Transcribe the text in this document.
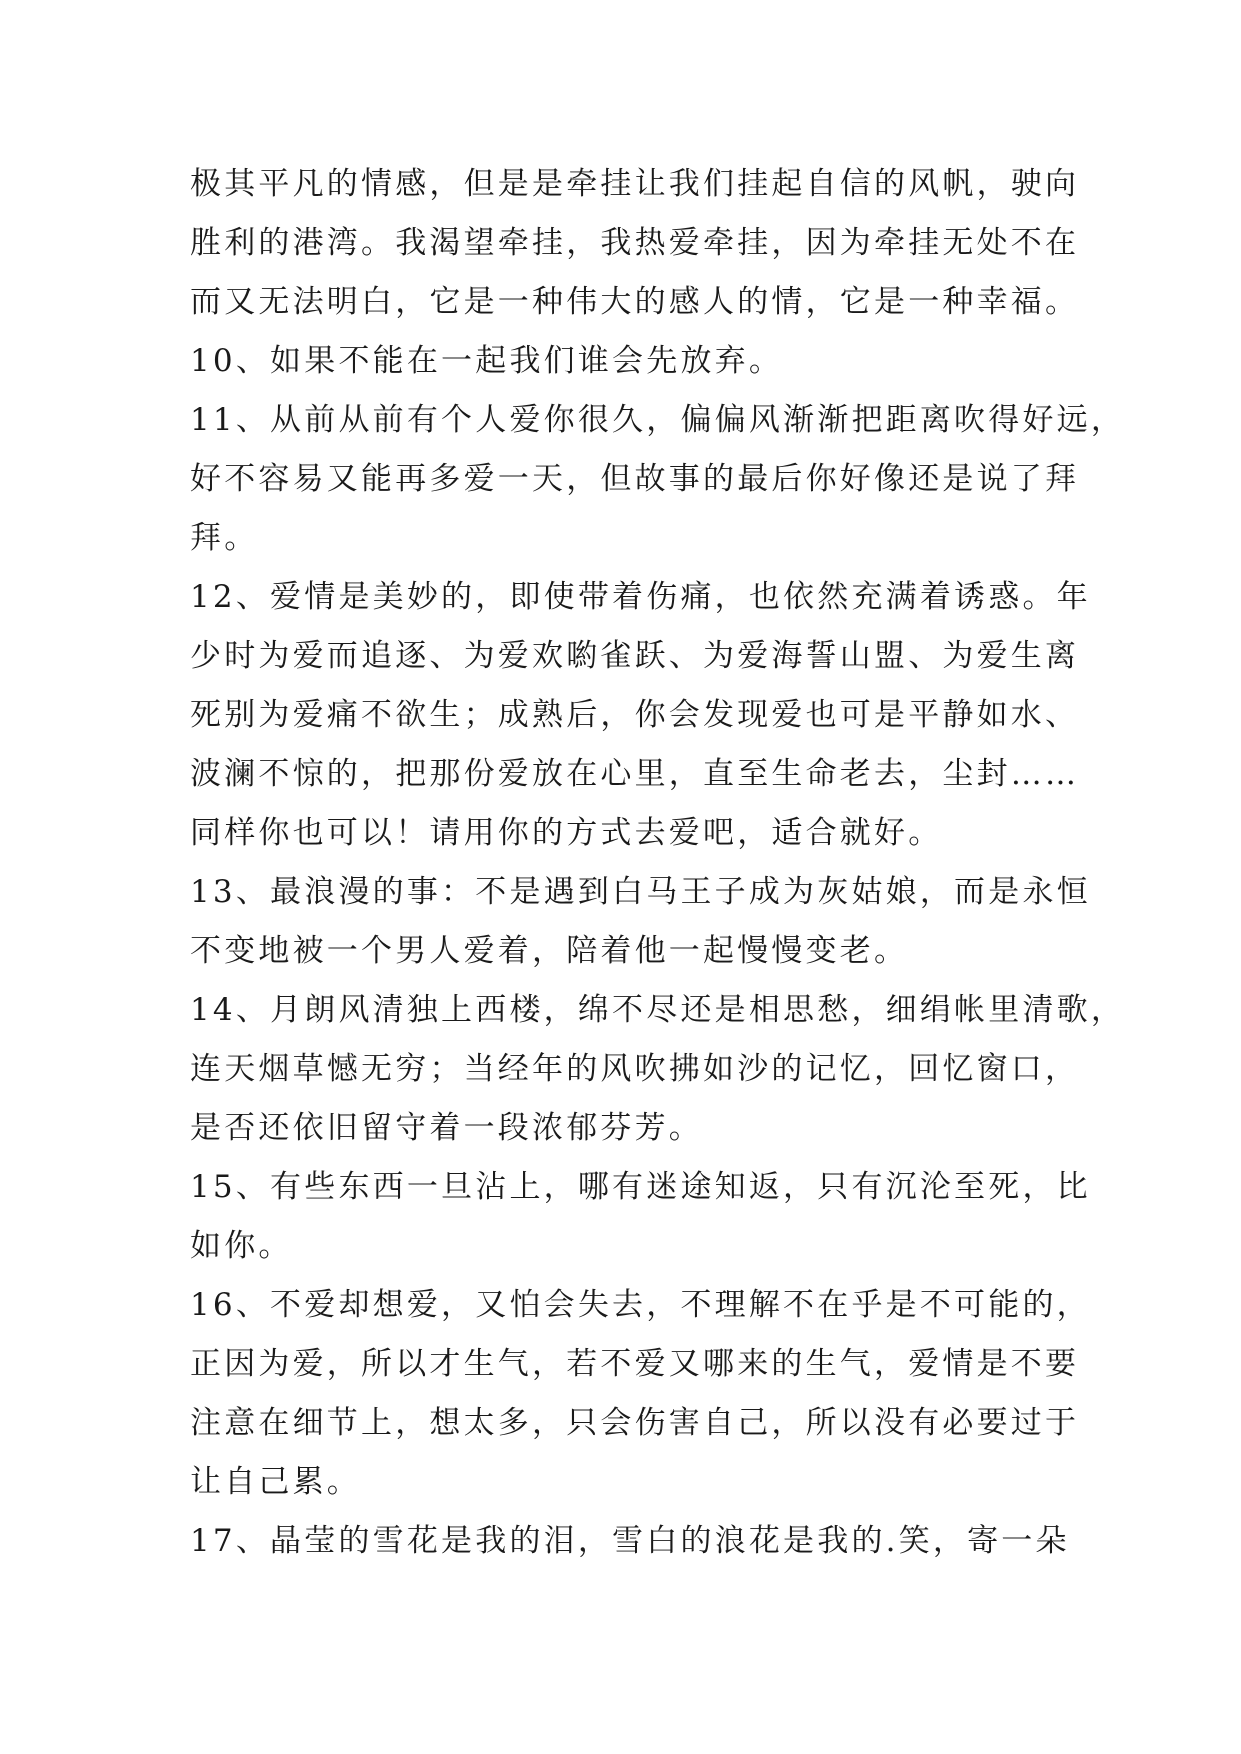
极其平凡的情感，但是是牵挂让我们挂起自信的风帆，驶向
胜利的港湾。我渴望牵挂，我热爱牵挂，因为牵挂无处不在
而又无法明白，它是一种伟大的感人的情，它是一种幸福。
10、如果不能在一起我们谁会先放弃。
11、从前从前有个人爱你很久，偏偏风渐渐把距离吹得好远，
好不容易又能再多爱一天，但故事的最后你好像还是说了拜
拜。
12、爱情是美妙的，即使带着伤痛，也依然充满着诱惑。年
少时为爱而追逐、为爱欢喲雀跃、为爱海誓山盟、为爱生离
死别为爱痛不欲生；成熟后，你会发现爱也可是平静如水、
波澜不惊的，把那份爱放在心里，直至生命老去，尘封……
同样你也可以！请用你的方式去爱吧，适合就好。
13、最浪漫的事：不是遇到白马王子成为灰姑娘，而是永恒
不变地被一个男人爱着，陪着他一起慢慢变老。
14、月朗风清独上西楼，绵不尽还是相思愁，细绢帐里清歌，
连天烟草憾无穷；当经年的风吹拂如沙的记忆，回忆窗口，
是否还依旧留守着一段浓郁芬芳。
15、有些东西一旦沾上，哪有迷途知返，只有沉沦至死，比
如你。
16、不爱却想爱，又怕会失去，不理解不在乎是不可能的，
正因为爱，所以才生气，若不爱又哪来的生气，爱情是不要
注意在细节上，想太多，只会伤害自己，所以没有必要过于
让自己累。
17、晶莹的雪花是我的泪，雪白的浪花是我的.笑，寄一朵
